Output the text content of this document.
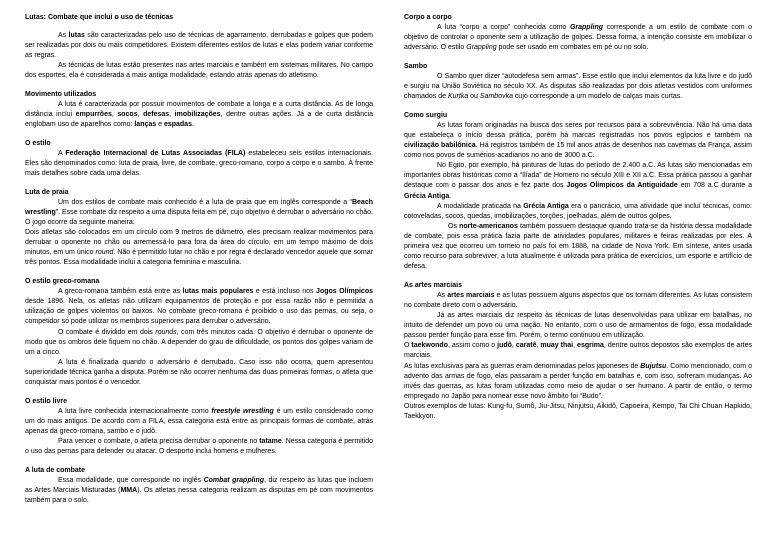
Lutas: Combate que inclui o uso de técnicas

As lutas são caracterizadas pelo uso de técnicas de agarramento, derrubadas e golpes que podem ser realizadas por dois ou mais competidores. Existem diferentes estilos de lutas e elas podem variar conforme as regras.

As técnicas de lutas estão presentes nas artes marciais e também em sistemas militares. No campo dos esportes, ela é considerada a mais antiga modalidade, estando atrás apenas do atletismo.

Movimento utilizados

A luta é caracterizada por possuir movimentos de combate a longa e a curta distância. As de longa distância inclui empurrões, socos, defesas, imobilizações, dentre outras ações. Já a de curta distância englobam uso de aparelhos como: lanças e espadas.

O estilo

A Federação Internacional de Lutas Associadas (FILA) estabeleceu seis estilos internacionais. Eles são denominados como: luta de praia, livre, de combate, greco-romano, corpo a corpo e o sambo. À frente mais detalhes sobre cada uma delas.

Luta de praia

Um dos estilos de combate mais conhecido é a luta de praia que em inglês corresponde a “Beach wrestling”. Esse combate diz respeito a uma disputa feita em pé, cujo objetivo é derrubar o adversário no chão. O jogo ocorre da seguinte maneira:

Dois atletas são colocados em um círculo com 9 metros de diâmetro, eles precisam realizar movimentos para derrubar o oponente no chão ou arremessá-lo para fora da área do círculo, em um tempo máximo de dois minutos, em um único round. Não é permitido lutar no chão e por regra é declarado vencedor aquele que somar três pontos. Essa modalidade inclui a categoria feminina e masculina.

O estilo greco-romana

A greco-romana também está entre as lutas mais populares e está incluso nos Jogos Olímpicos desde 1896. Nela, os atletas não utilizam equipamentos de proteção e por essa razão não é permitida a utilização de golpes violentos ou baixos. No combate greco-romana é proibido o uso das pernas, ou seja, o competidor só pode utilizar os membros superiores para derrubar o adversário.

O combate é dividido em dois rounds, com três minutos cada. O objetivo é derrubar o oponente de modo que os ombros dele fiquem no chão. A depender do grau de dificuldade, os pontos dos golpes variam de um a cinco.

A luta é finalizada quando o adversário é derrubado. Caso isso não ocorra, quem apresentou superioridade técnica ganha a disputa. Porém se não ocorrer nenhuma das duas primeiras formas, o atleta que conquistar mais pontos é o vencedor.

O estilo livre

A luta livre conhecida internacionalmente como freestyle wrestling é um estilo considerado como um do mais antigos. De acordo com a FILA, essa categoria está entre as principais formas de combate, atrás apenas da greco-romana, sambo e o judô.

Para vencer o combate, o atleta precisa derrubar o oponente no tatame. Nessa categoria é permitido o uso das pernas para defender ou atacar. O desporto inclui homens e mulheres.

A luta de combate

Essa modalidade, que corresponde no inglês Combat grappling, diz respeito às lutas que incluem as Artes Marciais Misturadas (MMA). Os atletas nessa categoria realizam as disputas em pé com movimentos também para o solo.

Corpo a corpo

A luta “corpo a corpo” conhecida como Grappling corresponde a um estilo de combate com o objetivo de controlar o oponente sem a utilização de golpes. Dessa forma, a intenção consiste em imobilizar o adversário. O estilo Grappling pode ser usado em combates em pé ou no solo.

Sambo

O Sambo quer dizer “autodefesa sem armas”. Esse estilo que inclui elementos da luta livre e do judô e surgiu na União Soviética no século XX. As disputas são realizadas por dois atletas vestidos com uniformes chamados de Kurtka ou Sambovka cujo corresponde a um modelo de calças mais curtas.

Como surgiu

As lutas foram originadas na busca dos seres por recursos para a sobrevivência. Não há uma data que estabeleça o início dessa prática, porém há marcas registradas nos povos egípcios e também na civilização babilônica. Há registros também de 15 mil anos atrás de desenhos nas cavernas da França, assim como nos povos de sumérios-acadianos no ano de 3000 a.C.

No Egito, por exemplo, há pinturas de lutas do período de 2.400 a.C. As lutas são mencionadas em importantes obras históricas como a “Ilíada” de Homero no século XIII e XII a.C. Essa prática passou a ganhar destaque com o passar dos anos e fez parte dos Jogos Olímpicos da Antiguidade em 708 a.C durante a Grécia Antiga.

A modalidade praticada na Grécia Antiga era o pancrácio, uma atividade que incluí técnicas, como: cotoveladas, socos, quedas, imobilizações, torções, joelhadas, além de outros golpes.

Os norte-americanos também possuem destaque quando trata-se da história dessa modalidade de combate, pois essa prática fazia parte de atividades populares, militares e feiras realizadas por eles. A primeira vez que ocorreu um torneio no país foi em 1888, na cidade de Nova York. Em síntese, antes usada como recurso para sobreviver, a luta atualmente é utilizada para prática de exercícios, um esporte e artifício de defesa.

As artes marciais

As artes marciais e as lutas possuem alguns aspectos que os tornam diferentes. As lutas consistem no combate direto com o adversário.

Já as artes marciais diz respeito às técnicas de lutas desenvolvidas para utilizar em batalhas, no intuito de defender um povo ou uma nação. No entanto, com o uso de armamentos de fogo, essa modalidade passou perder função para esse fim. Porém, o termo continuou em utilização.

O taekwondo, assim como o judô, caratê, muay thai, esgrima, dentre outros depostos são exemplos de artes marciais.

As lutas exclusivas para as guerras eram denominadas pelos japoneses de Bujutsu. Como mencionado, com o advento das armas de fogo, elas passaram a perder função em batalhas e, com isso, sofreram mudanças. Ao invés das guerras, as lutas foram utilizadas como meio de ajudar o ser humano. A partir de então, o termo empregado no Japão para nomear esse novo âmbito foi “Budo”.

Outros exemplos de lutas: Kung-fu, Sumô, Jiu-Jitsu, Ninjutsu, Aikidô, Capoeira, Kempo, Tai Chi Chuan Hapkido, Taekkyon.
